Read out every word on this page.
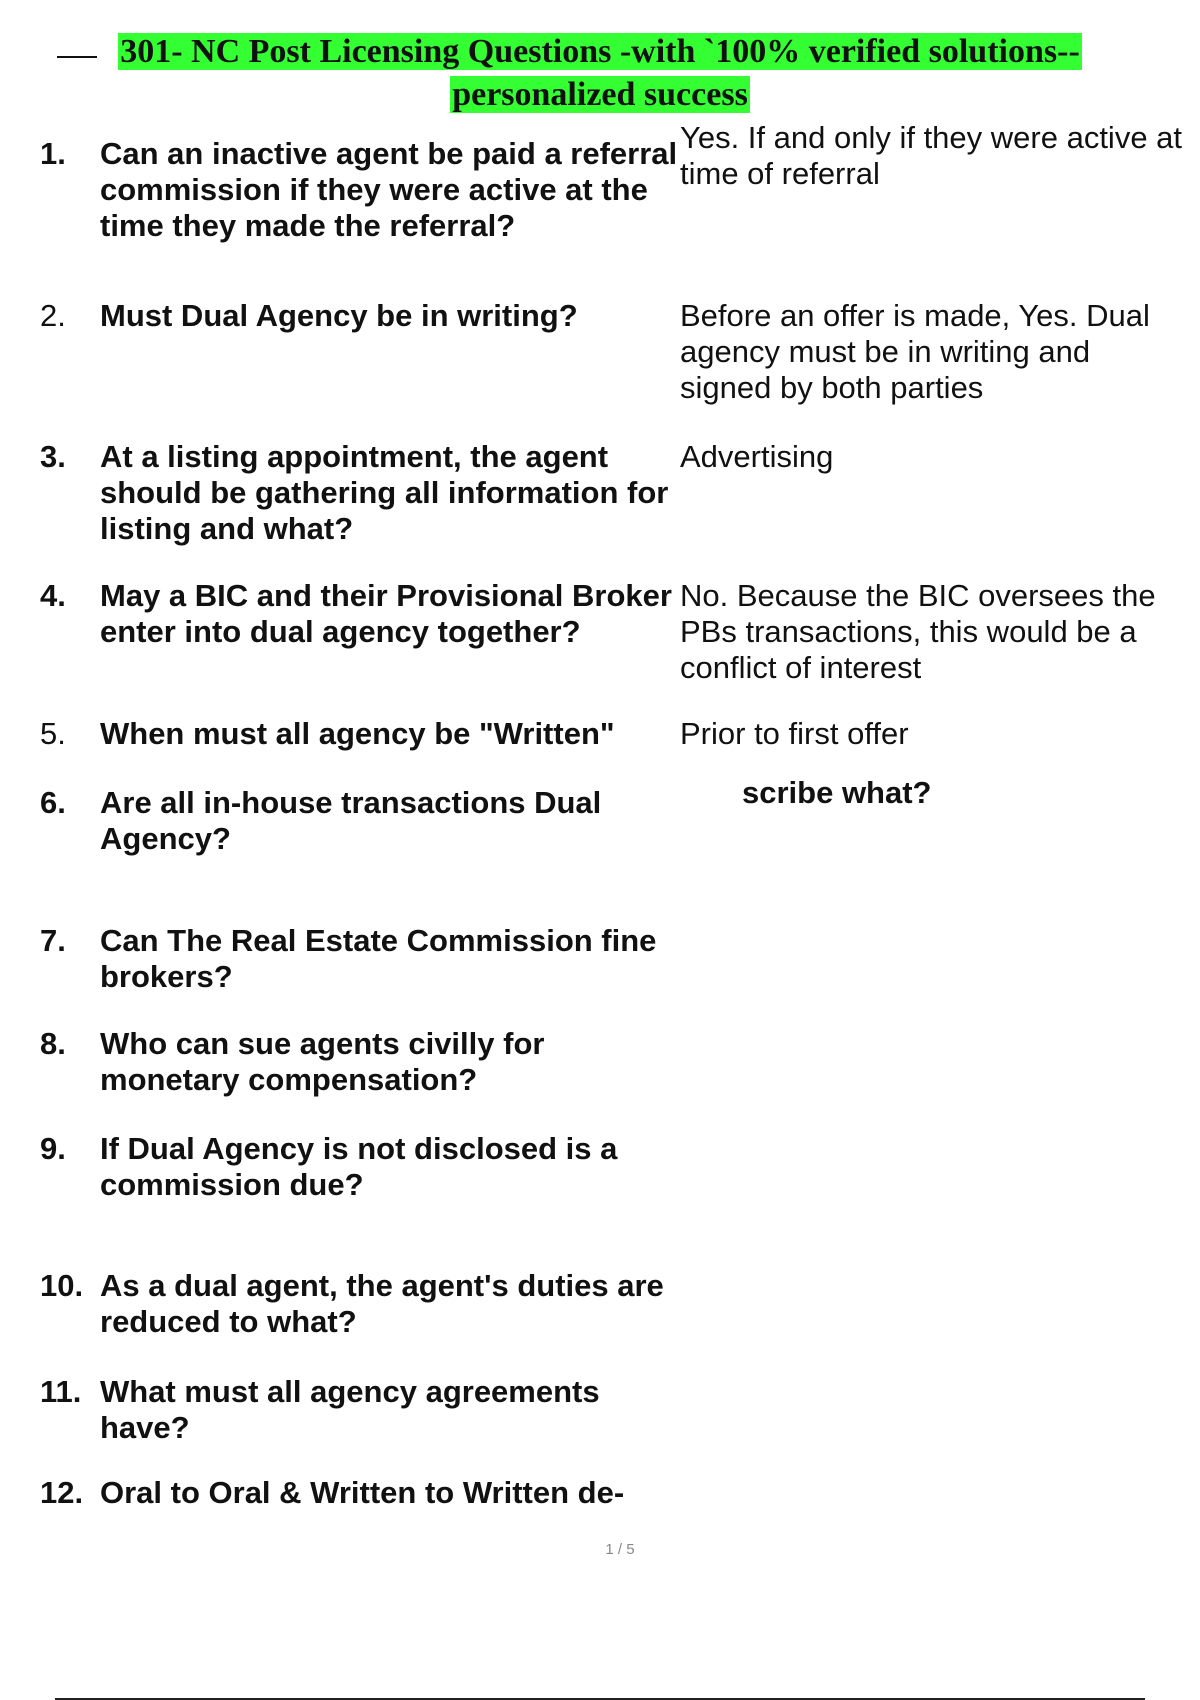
301- NC Post Licensing Questions -with `100% verified solutions--

personalized success

1. Can an inactive agent be paid a referral commission if they were active at the time they made the referral?
Yes. If and only if they were active at time of referral
2. Must Dual Agency be in writing?	Before an offer is made, Yes. Dual agency must be in writing and signed by both parties
3. At a listing appointment, the agent should be gathering all information for listing and what?
Advertising
4. May a BIC and their Provisional Broker enter into dual agency together?
No. Because the BIC oversees the PBs transactions, this would be a conflict of interest
5. When must all agency be "Written"	Prior to first offer
6. Are all in-house transactions Dual Agency?
scribe what?
7. Can The Real Estate Commission fine brokers?
8. Who can sue agents civilly for monetary compensation?
9. If Dual Agency is not disclosed is a commission due?
10. As a dual agent, the agent's duties are reduced to what?
11. What must all agency agreements have?
12. Oral to Oral & Written to Written de-
1 / 5
